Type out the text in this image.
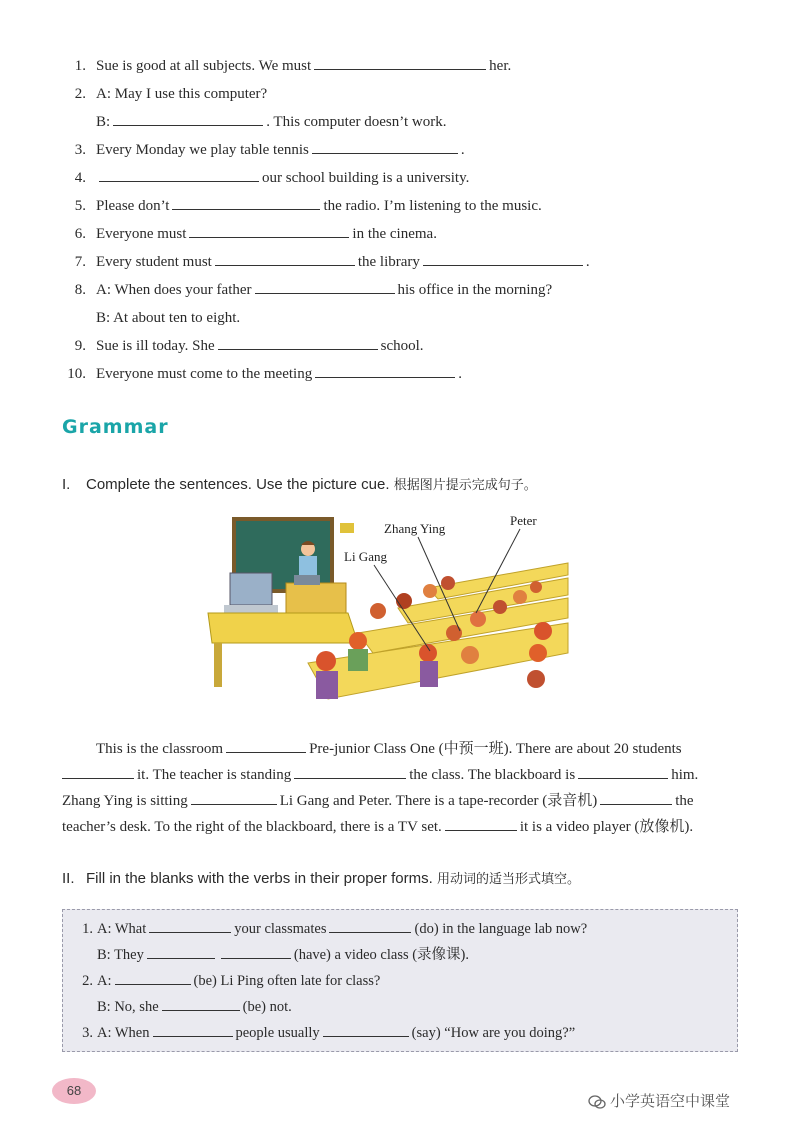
1. Sue is good at all subjects. We must	her.
2. A: May I use this computer?
B:	. This computer doesn’t work.
3. Every Monday we play table tennis	.
4.	our school building is a university.
5. Please don’t	the radio. I’m listening to the music.
6. Everyone must	in the cinema.
7. Every student must	the library	.
8. A: When does your father	his office in the morning?
B: At about ten to eight.
9. Sue is ill today. She	school.
10. Everyone must come to the meeting	.
Grammar
I. Complete the sentences. Use the picture cue. 根据图片提示完成句子。
Zhang Ying
Peter
Li Gang
This is the classroom	Pre-junior Class One (中预一班). There are about 20 students
it. The teacher is standing	the class. The blackboard is	him.
Zhang Ying is sitting	Li Gang and Peter. There is a tape-recorder (录音机)	the
teacher’s desk. To the right of the blackboard, there is a TV set.	it is a video player (放像机).
II. Fill in the blanks with the verbs in their proper forms. 用动词的适当形式填空。
1. A: What	your classmates	(do) in the language lab now?
B: They	(have) a video class (录像课).
2. A:	(be) Li Ping often late for class?
B: No, she	(be) not.
3. A: When	people usually	(say) “How are you doing?”
68
小学英语空中课堂
